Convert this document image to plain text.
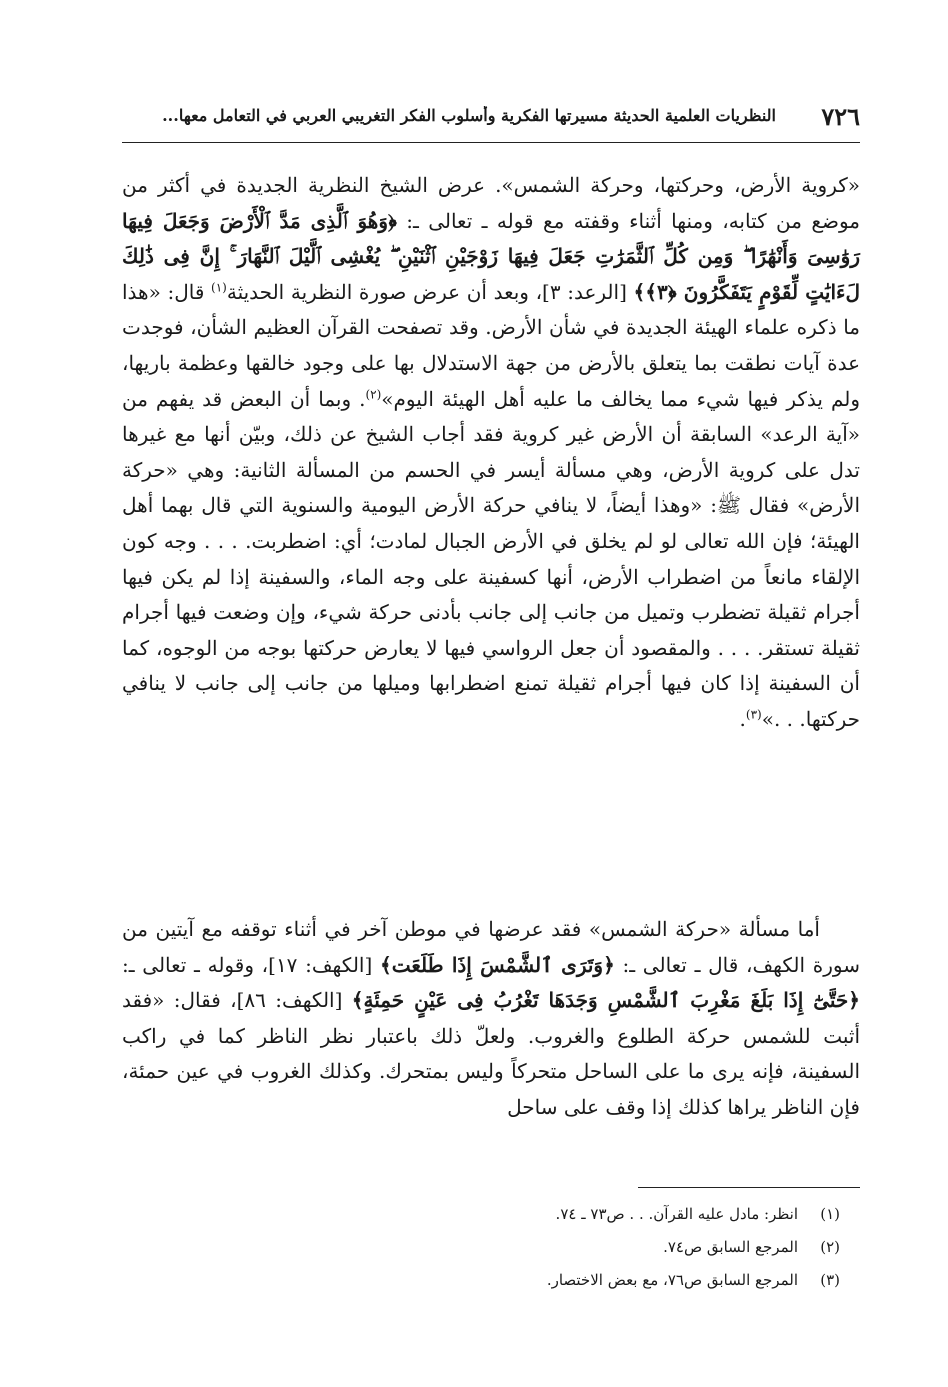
٧٢٦
النظريات العلمية الحديثة مسيرتها الفكرية وأسلوب الفكر التغريبي العربي في التعامل معها...

«كروية الأرض، وحركتها، وحركة الشمس». عرض الشيخ النظرية الجديدة في أكثر من موضع من كتابه، ومنها أثناء وقفته مع قوله ـ تعالى ـ: ﴿وَهُوَ ٱلَّذِى مَدَّ ٱلْأَرْضَ وَجَعَلَ فِيهَا رَوَٰسِىَ وَأَنْهَٰرًا ۖ وَمِن كُلِّ ٱلثَّمَرَٰتِ جَعَلَ فِيهَا زَوْجَيْنِ ٱثْنَيْنِ ۖ يُغْشِى ٱلَّيْلَ ٱلنَّهَارَ ۚ إِنَّ فِى ذَٰلِكَ لَءَايَٰتٍ لِّقَوْمٍ يَتَفَكَّرُونَ ﴿٣﴾﴾ [الرعد: ٣]، وبعد أن عرض صورة النظرية الحديثة$^{(١)}$ قال: «هذا ما ذكره علماء الهيئة الجديدة في شأن الأرض. وقد تصفحت القرآن العظيم الشأن، فوجدت عدة آيات نطقت بما يتعلق بالأرض من جهة الاستدلال بها على وجود خالقها وعظمة باريها، ولم يذكر فيها شيء مما يخالف ما عليه أهل الهيئة اليوم»$^{(٢)}$. وبما أن البعض قد يفهم من «آية الرعد» السابقة أن الأرض غير كروية فقد أجاب الشيخ عن ذلك، وبيّن أنها مع غيرها تدل على كروية الأرض، وهي مسألة أيسر في الحسم من المسألة الثانية: وهي «حركة الأرض» فقال ﷺ: «وهذا أيضاً، لا ينافي حركة الأرض اليومية والسنوية التي قال بهما أهل الهيئة؛ فإن الله تعالى لو لم يخلق في الأرض الجبال لمادت؛ أي: اضطربت. . . . وجه كون الإلقاء مانعاً من اضطراب الأرض، أنها كسفينة على وجه الماء، والسفينة إذا لم يكن فيها أجرام ثقيلة تضطرب وتميل من جانب إلى جانب بأدنى حركة شيء، وإن وضعت فيها أجرام ثقيلة تستقر. . . . والمقصود أن جعل الرواسي فيها لا يعارض حركتها بوجه من الوجوه، كما أن السفينة إذا كان فيها أجرام ثقيلة تمنع اضطرابها وميلها من جانب إلى جانب لا ينافي حركتها. . .»$^{(٣)}$.

أما مسألة «حركة الشمس» فقد عرضها في موطن آخر في أثناء توقفه مع آيتين من سورة الكهف، قال ـ تعالى ـ: ﴿وَتَرَى ٱلشَّمْسَ إِذَا طَلَعَت﴾ [الكهف: ١٧]، وقوله ـ تعالى ـ: ﴿حَتَّىٰٓ إِذَا بَلَغَ مَغْرِبَ ٱلشَّمْسِ وَجَدَهَا تَغْرُبُ فِى عَيْنٍ حَمِئَةٍ﴾ [الكهف: ٨٦]، فقال: «فقد أثبت للشمس حركة الطلوع والغروب. ولعلّ ذلك باعتبار نظر الناظر كما في راكب السفينة، فإنه يرى ما على الساحل متحركاً وليس بمتحرك. وكذلك الغروب في عين حمئة، فإن الناظر يراها كذلك إذا وقف على ساحل

(١)
انظر: مادل عليه القرآن. . . ص٧٣ ـ ٧٤.
(٢)
المرجع السابق ص٧٤.
(٣)
المرجع السابق ص٧٦، مع بعض الاختصار.
